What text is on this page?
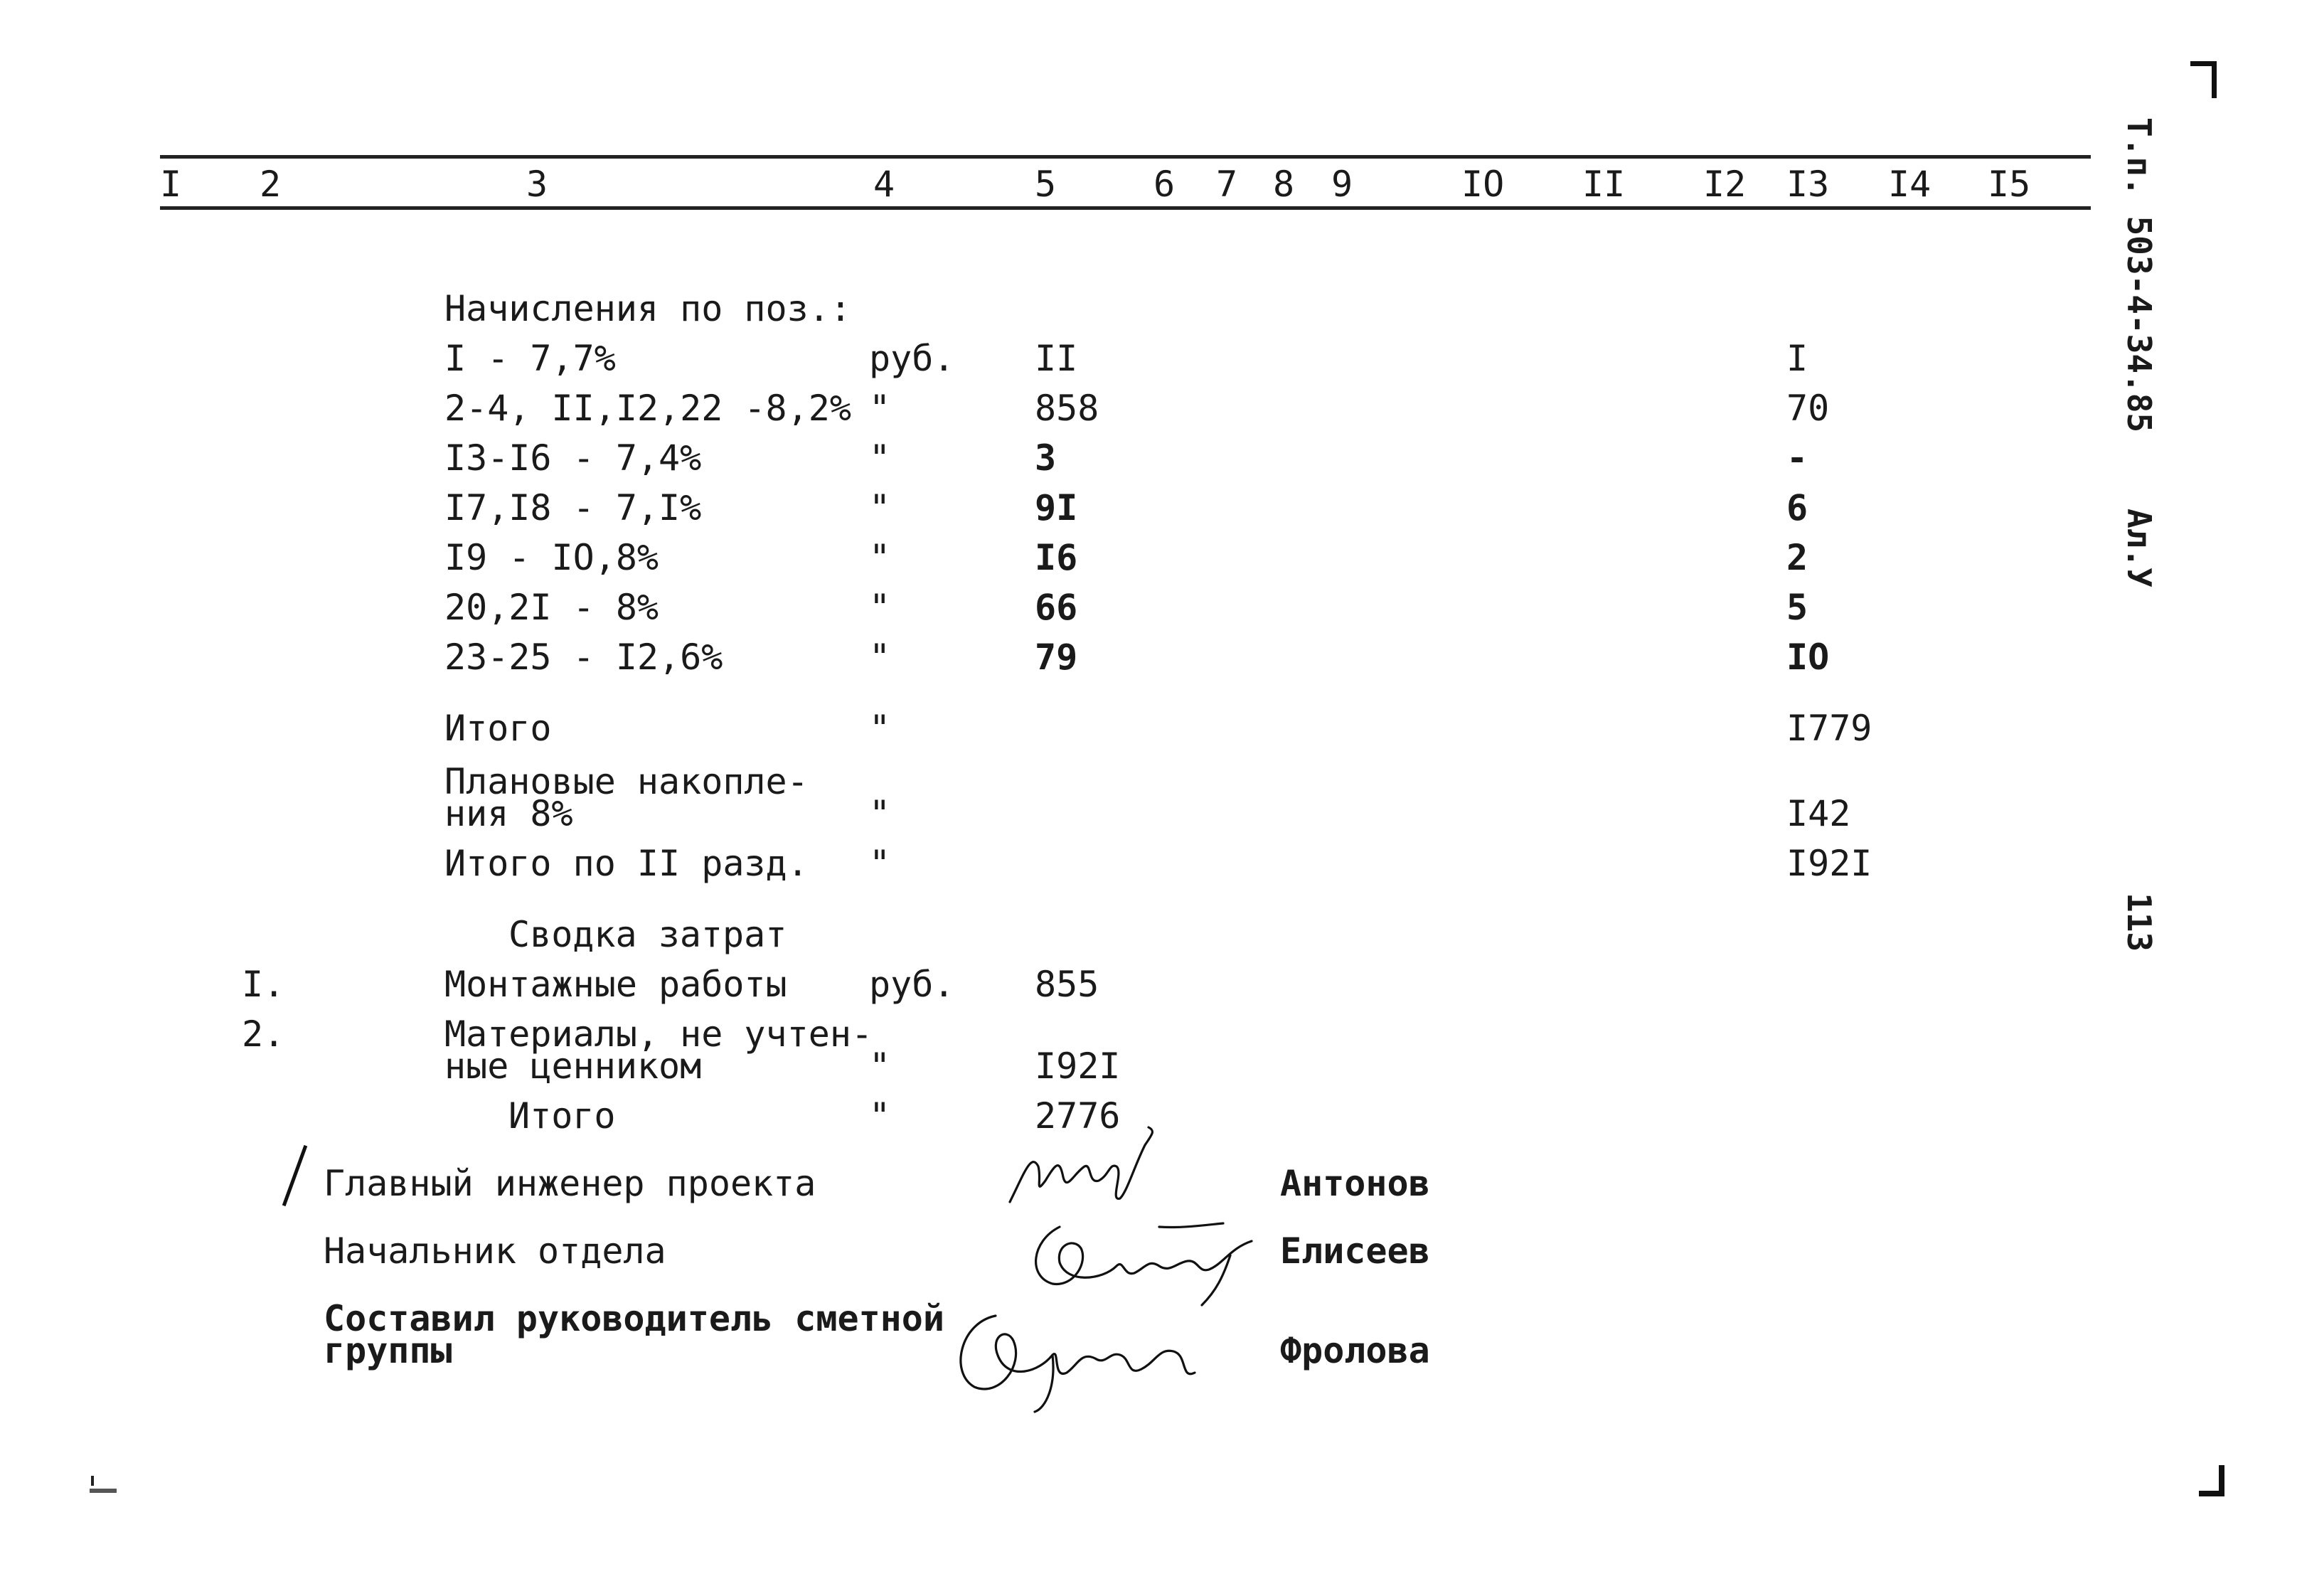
Т.п. 503-4-34.85
Ал.У
113
I 2	3	4	5	6 7 8 9	IO II I2 I3 I4 I5
Начисления по поз.:
I - 7,7%	руб. II	I
2-4, II,I2,22 -8,2% "	858	70
I3-I6 - 7,4%	"	3	-
I7,I8 - 7,I%	"	9I	6
I9 - IO,8%	"	I6	2
20,2I - 8%	"	66	5
23-25 - I2,6%	"	79	IO
Итого	"	I779
Плановые накопле-
ния 8%	"	I42
Итого по II разд. "	I92I
Сводка затрат
I.	Монтажные работы руб. 855
2.	Материалы, не учтен-
ные ценником	"	I92I
Итого	"	2776
Главный инженер проекта	Антонов
Начальник отдела	Елисеев
Составил руководитель сметной
группы	Фролова
